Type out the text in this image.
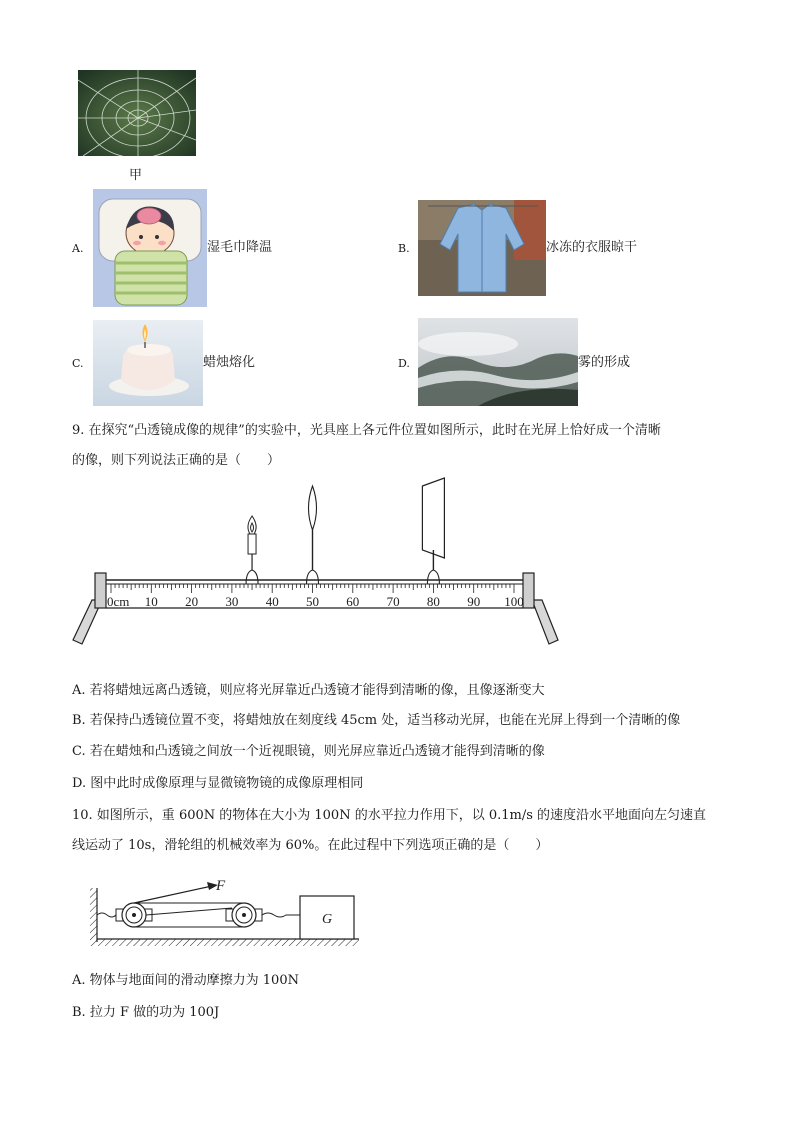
甲
A.	湿毛巾降温	B.	冰冻的衣服晾干
C.	蜡烛熔化	D.	雾的形成
9. 在探究“凸透镜成像的规律”的实验中，光具座上各元件位置如图所示，此时在光屏上恰好成一个清晰
的像，则下列说法正确的是（　　）
0cm 10 20 30 40 50 60 70 80 90 100
A. 若将蜡烛远离凸透镜，则应将光屏靠近凸透镜才能得到清晰的像，且像逐渐变大
B. 若保持凸透镜位置不变，将蜡烛放在刻度线 45cm 处，适当移动光屏，也能在光屏上得到一个清晰的像
C. 若在蜡烛和凸透镜之间放一个近视眼镜，则光屏应靠近凸透镜才能得到清晰的像
D. 图中此时成像原理与显微镜物镜的成像原理相同
10. 如图所示，重 600N 的物体在大小为 100N 的水平拉力作用下，以 0.1m/s 的速度沿水平地面向左匀速直
线运动了 10s，滑轮组的机械效率为 60%。在此过程中下列选项正确的是（　　）
F
G
A. 物体与地面间的滑动摩擦力为 100N
B. 拉力 F 做的功为 100J
